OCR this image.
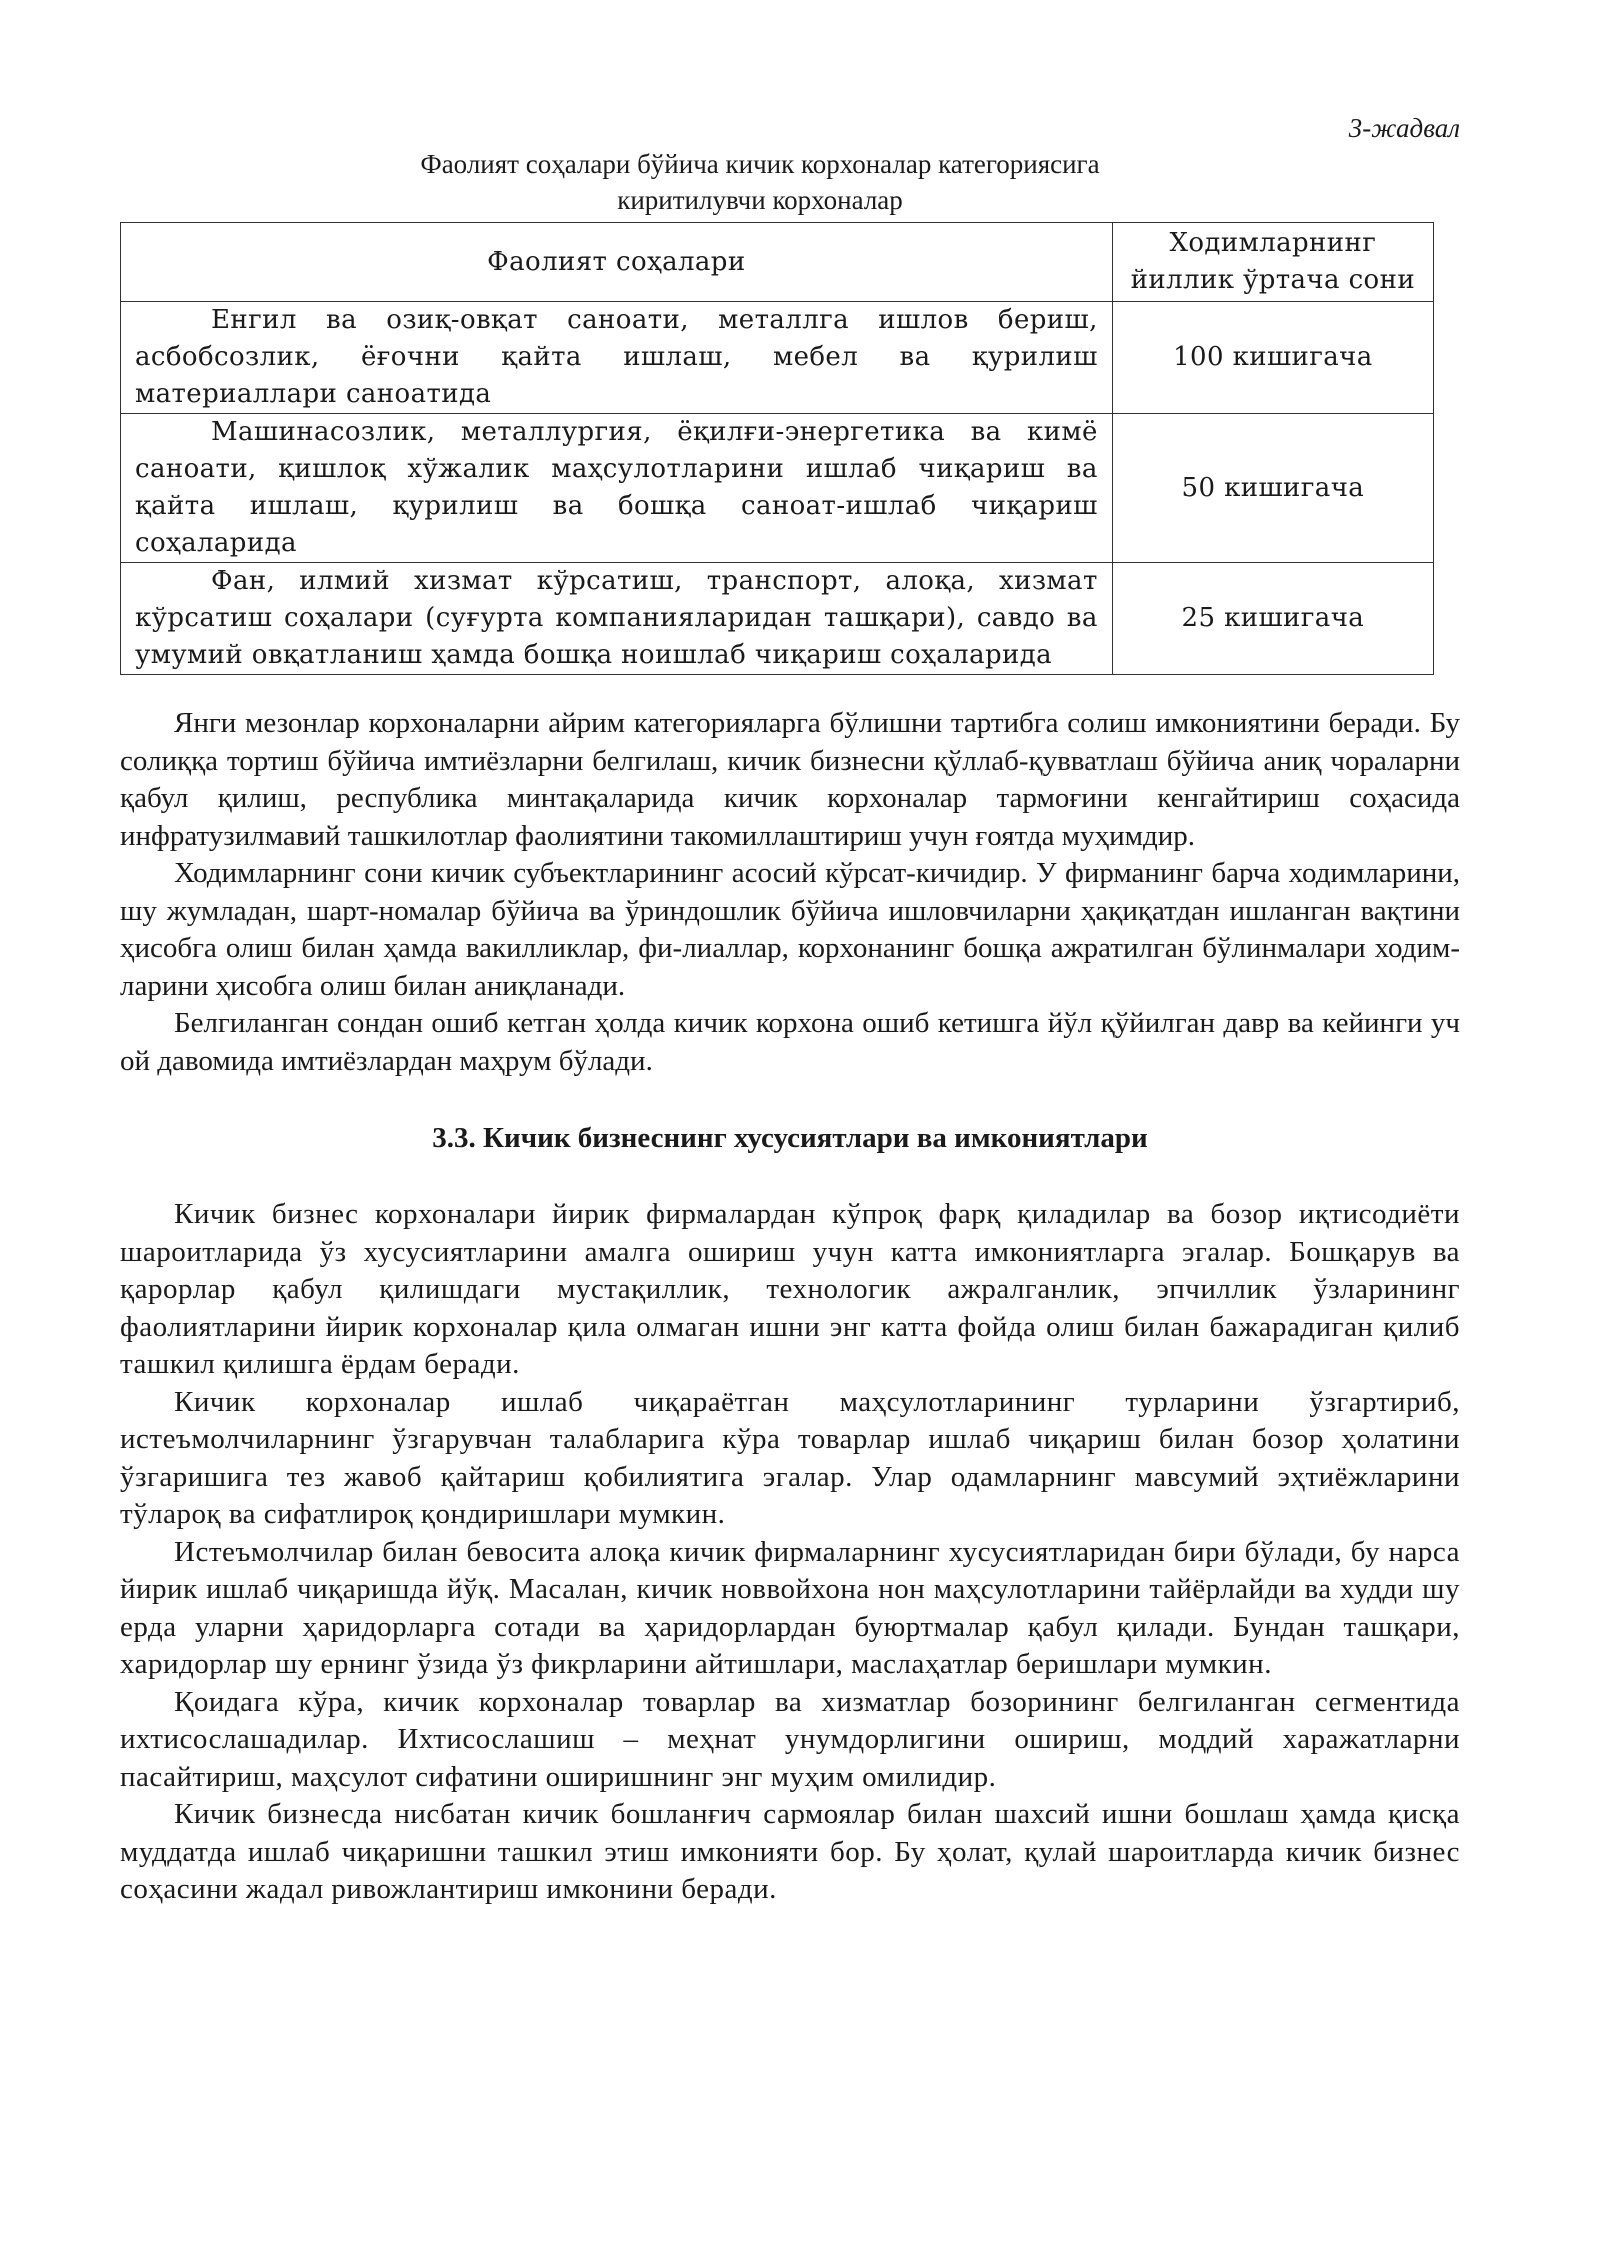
3-жадвал
Фаолият соҳалари бўйича кичик корхоналар категориясига
киритилувчи корхоналар
Фаолият соҳалари	Ходимларнинг йиллик ўртача сони
Енгил ва озиқ-овқат саноати, металлга ишлов бериш, асбобсозлик, ёғочни қайта ишлаш, мебел ва қурилиш материаллари саноатида	100 кишигача
Машинасозлик, металлургия, ёқилғи-энергетика ва кимё саноати, қишлоқ хўжалик маҳсулотларини ишлаб чиқариш ва қайта ишлаш, қурилиш ва бошқа саноат-ишлаб чиқариш соҳаларида	50 кишигача
Фан, илмий хизмат кўрсатиш, транспорт, алоқа, хизмат кўрсатиш соҳалари (суғурта компанияларидан ташқари), савдо ва умумий овқатланиш ҳамда бошқа ноишлаб чиқариш соҳаларида	25 кишигача

Янги мезонлар корхоналарни айрим категорияларга бўлишни тартибга солиш имкониятини беради. Бу солиққа тортиш бўйича имтиёзларни белгилаш, кичик бизнесни қўллаб-қувватлаш бўйича аниқ чораларни қабул қилиш, республика минтақаларида кичик корхоналар тармоғини кенгайтириш соҳасида инфратузилмавий ташкилотлар фаолиятини такомиллаштириш учун ғоятда муҳимдир.

Ходимларнинг сони кичик субъектларининг асосий кўрсат-кичидир. У фирманинг барча ходимларини, шу жумладан, шарт-номалар бўйича ва ўриндошлик бўйича ишловчиларни ҳақиқатдан ишланган вақтини ҳисобга олиш билан ҳамда вакилликлар, фи-лиаллар, корхонанинг бошқа ажратилган бўлинмалари ходим-ларини ҳисобга олиш билан аниқланади.

Белгиланган сондан ошиб кетган ҳолда кичик корхона ошиб кетишга йўл қўйилган давр ва кейинги уч ой давомида имтиёзлардан маҳрум бўлади.

3.3. Кичик бизнеснинг хусусиятлари ва имкониятлари

Кичик бизнес корхоналари йирик фирмалардан кўпроқ фарқ қиладилар ва бозор иқтисодиёти шароитларида ўз хусусиятларини амалга ошириш учун катта имкониятларга эгалар. Бошқарув ва қарорлар қабул қилишдаги мустақиллик, технологик ажралганлик, эпчиллик ўзларининг фаолиятларини йирик корхоналар қила олмаган ишни энг катта фойда олиш билан бажарадиган қилиб ташкил қилишга ёрдам беради.

Кичик корхоналар ишлаб чиқараётган маҳсулотларининг турларини ўзгартириб, истеъмолчиларнинг ўзгарувчан талабларига кўра товарлар ишлаб чиқариш билан бозор ҳолатини ўзгаришига тез жавоб қайтариш қобилиятига эгалар. Улар одамларнинг мавсумий эҳтиёжларини тўлароқ ва сифатлироқ қондиришлари мумкин.

Истеъмолчилар билан бевосита алоқа кичик фирмаларнинг хусусиятларидан бири бўлади, бу нарса йирик ишлаб чиқаришда йўқ. Масалан, кичик новвойхона нон маҳсулотларини тайёрлайди ва худди шу ерда уларни ҳаридорларга сотади ва ҳаридорлардан буюртмалар қабул қилади. Бундан ташқари, харидорлар шу ернинг ўзида ўз фикрларини айтишлари, маслаҳатлар беришлари мумкин.

Қоидага кўра, кичик корхоналар товарлар ва хизматлар бозорининг белгиланган сегментида ихтисослашадилар. Ихтисослашиш – меҳнат унумдорлигини ошириш, моддий харажатларни пасайтириш, маҳсулот сифатини оширишнинг энг муҳим омилидир.

Кичик бизнесда нисбатан кичик бошланғич сармоялар билан шахсий ишни бошлаш ҳамда қисқа муддатда ишлаб чиқаришни ташкил этиш имконияти бор. Бу ҳолат, қулай шароитларда кичик бизнес соҳасини жадал ривожлантириш имконини беради.
